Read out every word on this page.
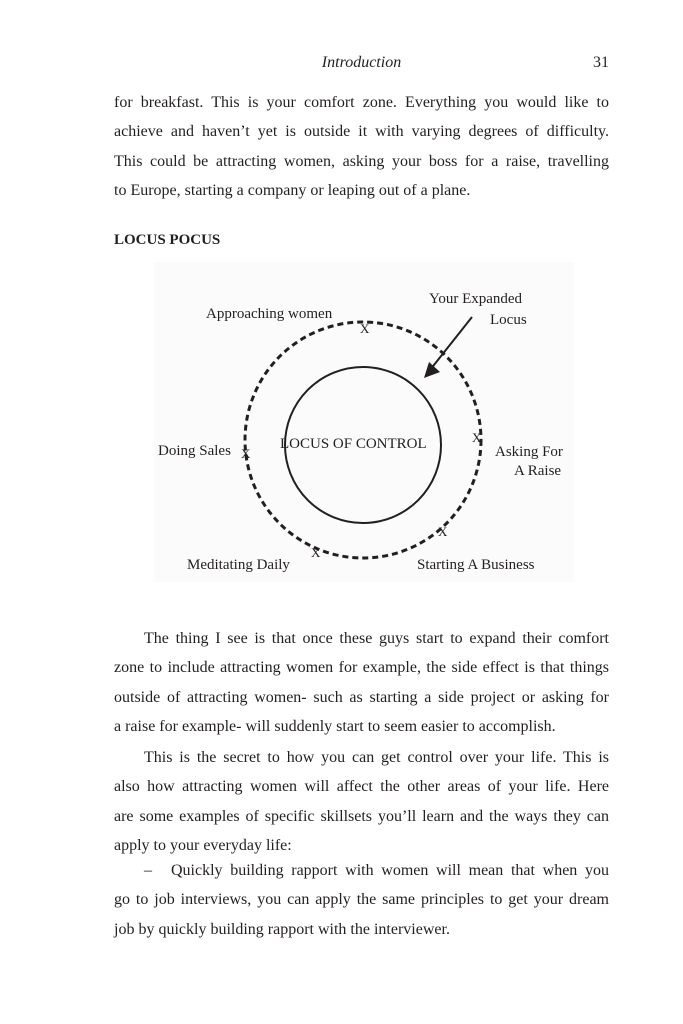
Introduction	31
for breakfast. This is your comfort zone. Everything you would like to
achieve and haven’t yet is outside it with varying degrees of difficulty.
This could be attracting women, asking your boss for a raise, travelling
to Europe, starting a company or leaping out of a plane.
LOCUS POCUS
LOCUS OF CONTROL
Your Expanded
Locus
Approaching women
X
Asking For
A Raise
X
Starting A Business
X
Meditating Daily
X
Doing Sales X
The thing I see is that once these guys start to expand their comfort
zone to include attracting women for example, the side effect is that things
outside of attracting women- such as starting a side project or asking for
a raise for example- will suddenly start to seem easier to accomplish.
This is the secret to how you can get control over your life. This is
also how attracting women will affect the other areas of your life. Here
are some examples of specific skillsets you’ll learn and the ways they can
apply to your everyday life:
–	Quickly building rapport with women will mean that when you
go to job interviews, you can apply the same principles to get your dream
job by quickly building rapport with the interviewer.
